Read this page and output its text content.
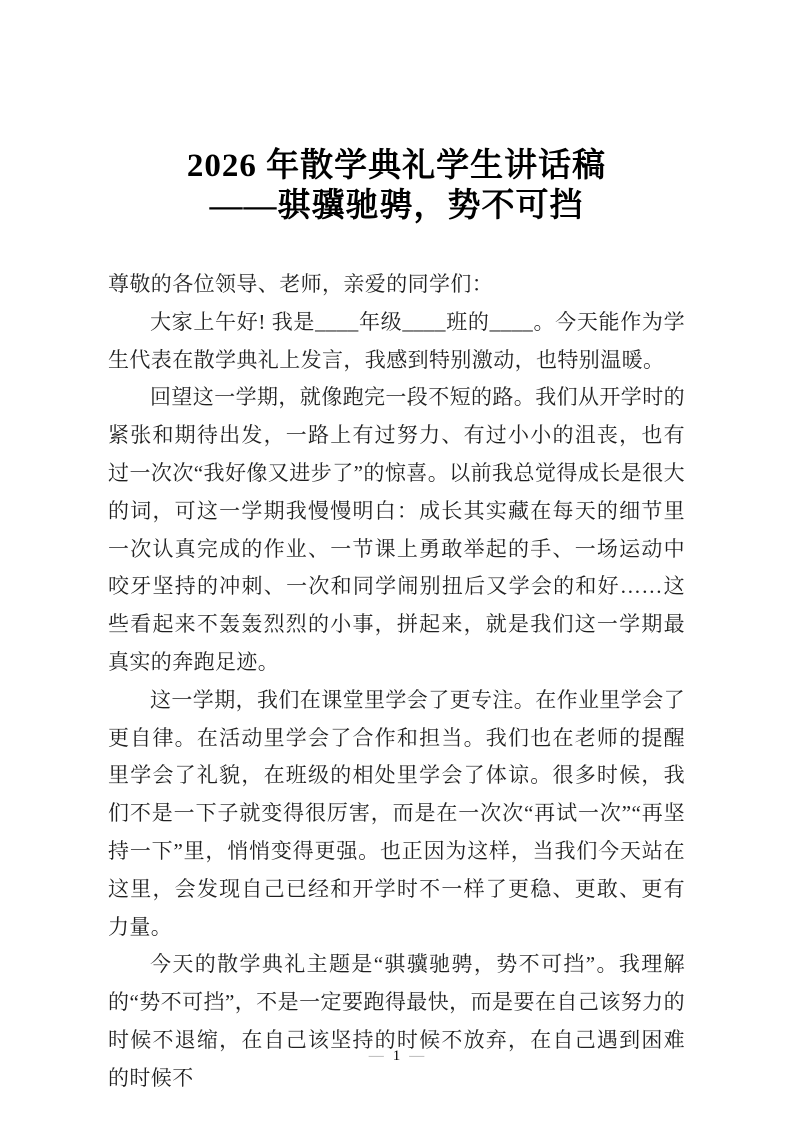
2026 年散学典礼学生讲话稿
——骐骥驰骋，势不可挡

尊敬的各位领导、老师，亲爱的同学们：

大家上午好! 我是____年级____班的____。今天能作为学生代表在散学典礼上发言，我感到特别激动，也特别温暖。

回望这一学期，就像跑完一段不短的路。我们从开学时的紧张和期待出发，一路上有过努力、有过小小的沮丧，也有过一次次“我好像又进步了”的惊喜。以前我总觉得成长是很大的词，可这一学期我慢慢明白：成长其实藏在每天的细节里一次认真完成的作业、一节课上勇敢举起的手、一场运动中咬牙坚持的冲刺、一次和同学闹别扭后又学会的和好……这些看起来不轰轰烈烈的小事，拼起来，就是我们这一学期最真实的奔跑足迹。

这一学期，我们在课堂里学会了更专注。在作业里学会了更自律。在活动里学会了合作和担当。我们也在老师的提醒里学会了礼貌，在班级的相处里学会了体谅。很多时候，我们不是一下子就变得很厉害，而是在一次次“再试一次”“再坚持一下”里，悄悄变得更强。也正因为这样，当我们今天站在这里，会发现自己已经和开学时不一样了更稳、更敢、更有力量。

今天的散学典礼主题是“骐骥驰骋，势不可挡”。我理解的“势不可挡”，不是一定要跑得最快，而是要在自己该努力的时候不退缩，在自己该坚持的时候不放弃，在自己遇到困难的时候不

— 1 —
